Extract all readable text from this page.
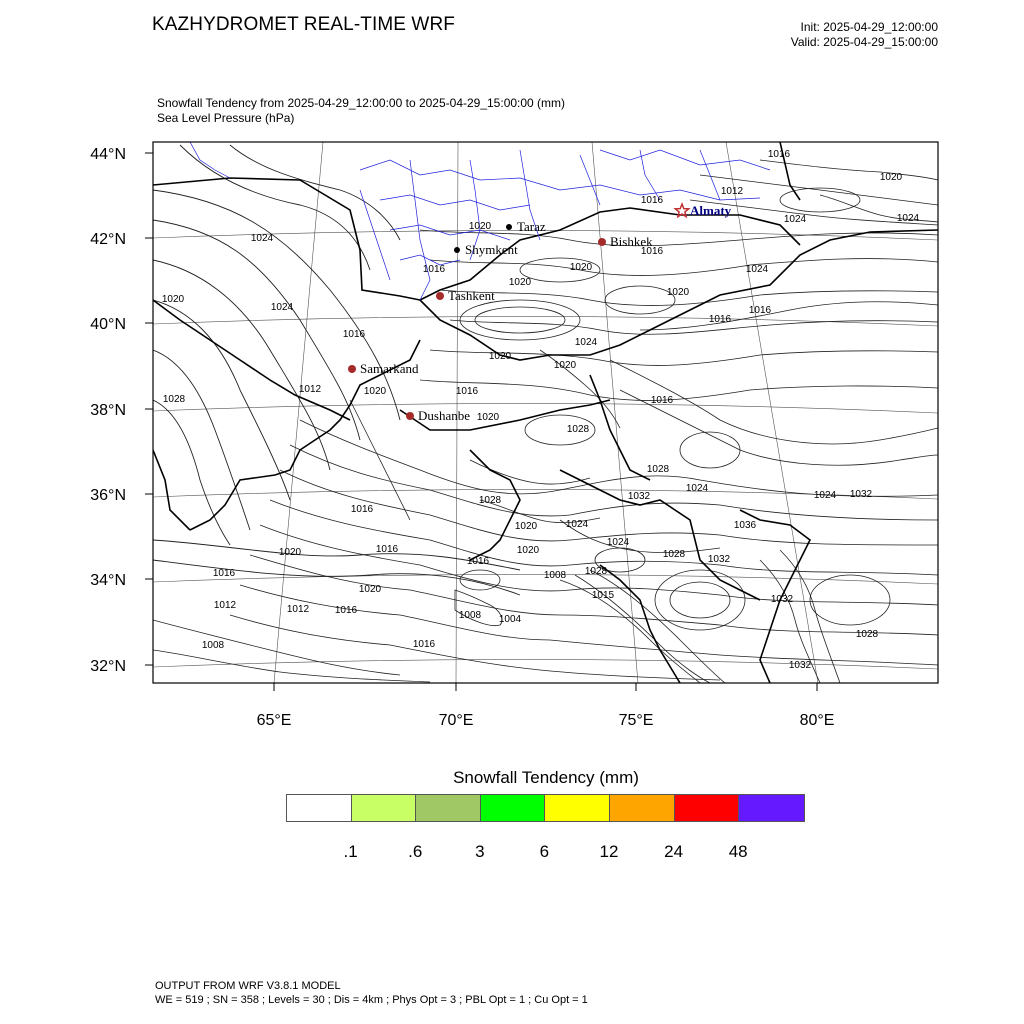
KAZHYDROMET REAL-TIME WRF	Init: 2025-04-29_12:00:00
Valid: 2025-04-29_15:00:00
Snowfall Tendency from 2025-04-29_12:00:00 to 2025-04-29_15:00:00 (mm)
Sea Level Pressure (hPa)
44°N
42°N
40°N
38°N
36°N
34°N
32°N
65°E	70°E	75°E	80°E
1016
1020
1012
1024
1024
1020
1016
1024
1020
1024
1020
1016
1016
1020
1016
1024
1020
1016
1024
1020
1016
1012	1020	1016
1020
1028	1016
1020
1028
1028
1032
1024
1028
1032
1024
1016
1024	1036
1020
1020	1016	1020
1016
1024
1028 1032
1016
1020
1008 1028
1012	1012	1016
1015
1008 1004
1032
1008	1016
1028
1032
Almaty
Bishkek
Taraz
Shymkent
Tashkent
Samarkand
Dushanbe
Snowfall Tendency (mm)
.1	.6	3	6	12	24	48
OUTPUT FROM WRF V3.8.1 MODEL
WE = 519 ; SN = 358 ; Levels = 30 ; Dis = 4km ; Phys Opt = 3 ; PBL Opt = 1 ; Cu Opt = 1
